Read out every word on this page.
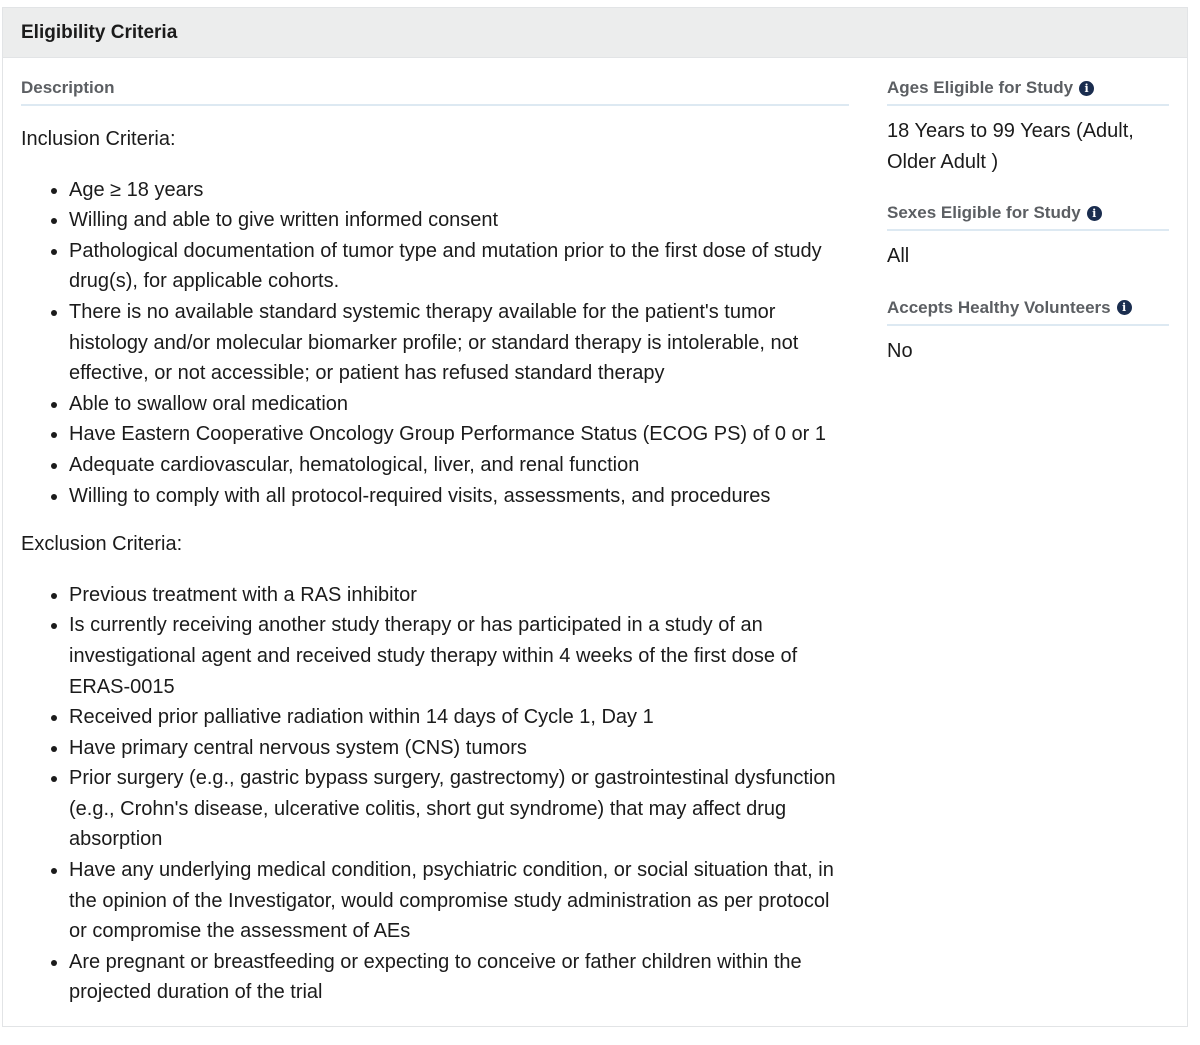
Eligibility Criteria
Description
Inclusion Criteria:
• Age ≥ 18 years
• Willing and able to give written informed consent
• Pathological documentation of tumor type and mutation prior to the first dose of study drug(s), for applicable cohorts.
• There is no available standard systemic therapy available for the patient's tumor histology and/or molecular biomarker profile; or standard therapy is intolerable, not effective, or not accessible; or patient has refused standard therapy
• Able to swallow oral medication
• Have Eastern Cooperative Oncology Group Performance Status (ECOG PS) of 0 or 1
• Adequate cardiovascular, hematological, liver, and renal function
• Willing to comply with all protocol-required visits, assessments, and procedures
Exclusion Criteria:
• Previous treatment with a RAS inhibitor
• Is currently receiving another study therapy or has participated in a study of an investigational agent and received study therapy within 4 weeks of the first dose of ERAS-0015
• Received prior palliative radiation within 14 days of Cycle 1, Day 1
• Have primary central nervous system (CNS) tumors
• Prior surgery (e.g., gastric bypass surgery, gastrectomy) or gastrointestinal dysfunction (e.g., Crohn's disease, ulcerative colitis, short gut syndrome) that may affect drug absorption
• Have any underlying medical condition, psychiatric condition, or social situation that, in the opinion of the Investigator, would compromise study administration as per protocol or compromise the assessment of AEs
• Are pregnant or breastfeeding or expecting to conceive or father children within the projected duration of the trial
Ages Eligible for Study	i
18 Years to 99 Years (Adult, Older Adult )
Sexes Eligible for Study	i
All
Accepts Healthy Volunteers	i
No
